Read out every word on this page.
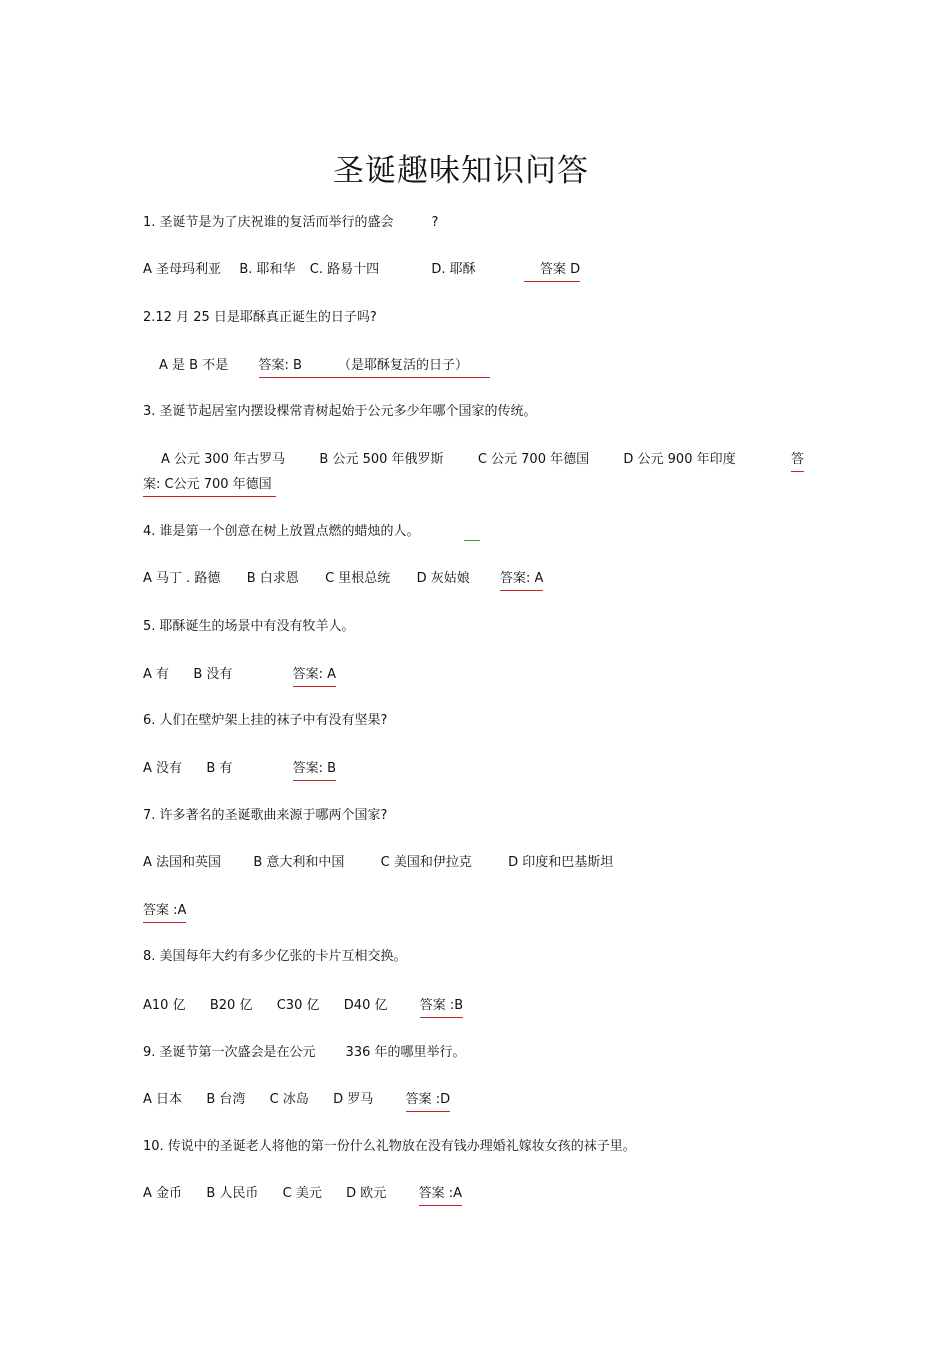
圣诞趣味知识问答
1. 圣诞节是为了庆祝谁的复活而举行的盛会	?
A 圣母玛利亚 B. 耶和华 C. 路易十四	D. 耶酥	答案 D
2.12 月 25 日是耶酥真正诞生的日子吗?
A 是 B 不是 答案: B	（是耶酥复活的日子）
3. 圣诞节起居室内摆设棵常青树起始于公元多少年哪个国家的传统。
A 公元 300 年古罗马	B 公元 500 年俄罗斯	C 公元 700 年德国	D 公元 900 年印度	答
案: C公元 700 年德国
4. 谁是第一个创意在树上放置点燃的蜡烛的人。
A 马丁 . 路德 B 白求恩 C 里根总统 D 灰姑娘 答案: A
5. 耶酥诞生的场景中有没有牧羊人。
A 有 B 没有	答案: A
6. 人们在壁炉架上挂的袜子中有没有坚果?
A 没有 B 有	答案: B
7. 许多著名的圣诞歌曲来源于哪两个国家?
A 法国和英国 B 意大利和中国	C 美国和伊拉克	D 印度和巴基斯坦
答案 :A
8. 美国每年大约有多少亿张的卡片互相交换。
A10 亿 B20 亿 C30 亿 D40 亿 答案 :B
9. 圣诞节第一次盛会是在公元 336 年的哪里举行。
A 日本 B 台湾 C 冰岛 D 罗马 答案 :D
10. 传说中的圣诞老人将他的第一份什么礼物放在没有钱办理婚礼嫁妆女孩的袜子里。
A 金币 B 人民币 C 美元 D 欧元 答案 :A
